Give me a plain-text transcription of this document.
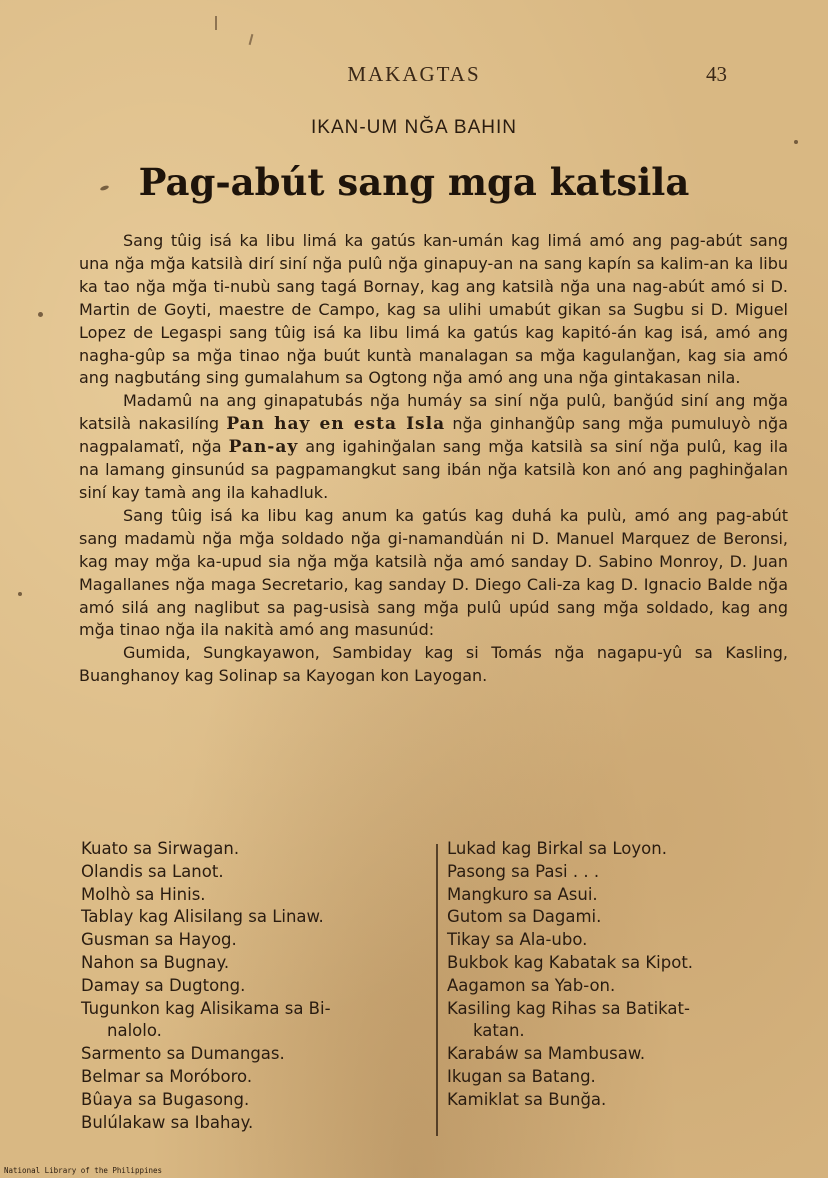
MAKAGTAS	43
IKAN-UM NĞA BAHIN
Pag-abút sang mga katsila

Sang tûig isá ka libu limá ka gatús kan-umán kag limá amó ang pag-abút sang una nğa mğa katsilà dirí siní nğa pulû nğa ginapuy-an na sang kapín sa kalim-an ka libu ka tao nğa mğa ti-nubù sang tagá Bornay, kag ang katsilà nğa una nag-abút amó si D. Martin de Goyti, maestre de Campo, kag sa ulihi umabút gikan sa Sugbu si D. Miguel Lopez de Legaspi sang tûig isá ka libu limá ka gatús kag kapitó-án kag isá, amó ang nagha-gûp sa mğa tinao nğa buút kuntà manalagan sa mğa kagulanğan, kag sia amó ang nagbutáng sing gumalahum sa Ogtong nğa amó ang una nğa gintakasan nila.

Madamû na ang ginapatubás nğa humáy sa siní nğa pulû, banğúd siní ang mğa katsilà nakasilíng Pan hay en esta Isla nğa ginhanğûp sang mğa pumuluyò nğa nagpalamatî, nğa Pan-ay ang igahinğalan sang mğa katsilà sa siní nğa pulû, kag ila na lamang ginsunúd sa pagpamangkut sang ibán nğa katsilà kon anó ang paghinğalan siní kay tamà ang ila kahadluk.

Sang tûig isá ka libu kag anum ka gatús kag duhá ka pulù, amó ang pag-abút sang madamù nğa mğa soldado nğa gi-namandùán ni D. Manuel Marquez de Beronsi, kag may mğa ka-upud sia nğa mğa katsilà nğa amó sanday D. Sabino Monroy, D. Juan Magallanes nğa maga Secretario, kag sanday D. Diego Cali-za kag D. Ignacio Balde nğa amó silá ang naglibut sa pag-usisà sang mğa pulû upúd sang mğa soldado, kag ang mğa tinao nğa ila nakità amó ang masunúd:

Gumida, Sungkayawon, Sambiday kag si Tomás nğa nagapu-yû sa Kasling, Buanghanoy kag Solinap sa Kayogan kon Layogan.

Kuato sa Sirwagan.

Olandis sa Lanot.

Molhò sa Hinis.

Tablay kag Alisilang sa Linaw.

Gusman sa Hayog.

Nahon sa Bugnay.

Damay sa Dugtong.

Tugunkon kag Alisikama sa Bi-

nalolo.

Sarmento sa Dumangas.

Belmar sa Moróboro.

Bûaya sa Bugasong.

Bulúlakaw sa Ibahay.

Lukad kag Birkal sa Loyon.

Pasong sa Pasi . . .

Mangkuro sa Asui.

Gutom sa Dagami.

Tikay sa Ala-ubo.

Bukbok kag Kabatak sa Kipot.

Aagamon sa Yab-on.

Kasiling kag Rihas sa Batikat-

katan.

Karabáw sa Mambusaw.

Ikugan sa Batang.

Kamiklat sa Bunğa.

National Library of the Philippines
